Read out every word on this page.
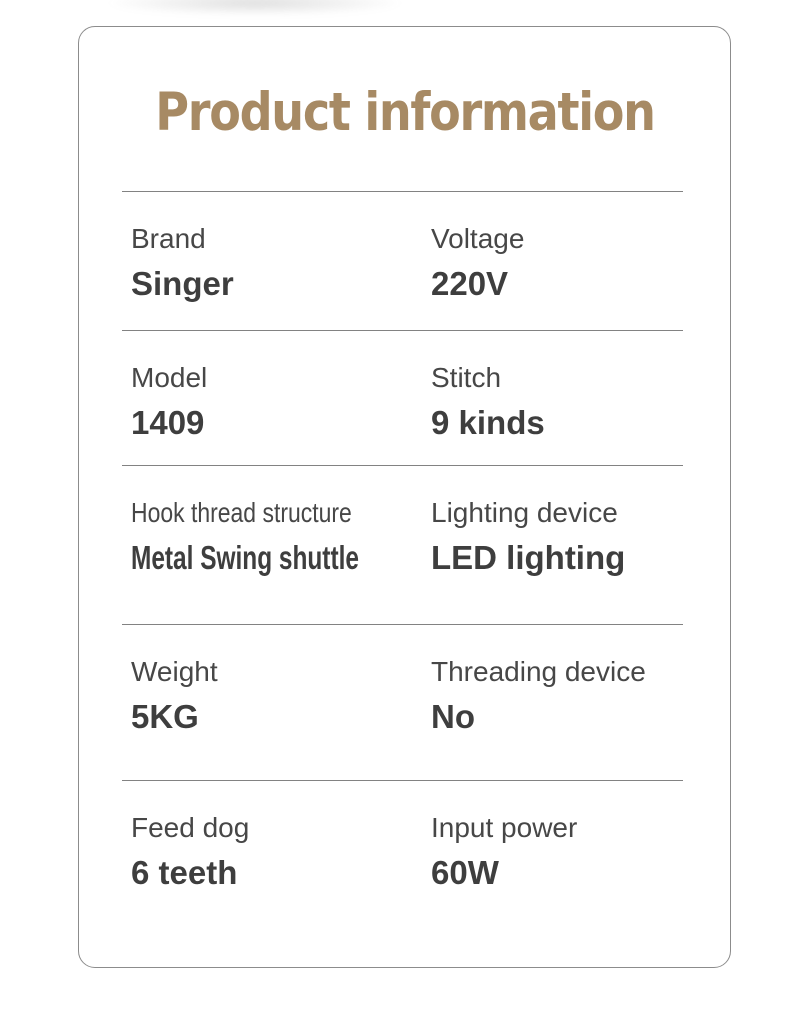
Product information
Brand
Singer
Voltage
220V
Model
1409
Stitch
9 kinds
Hook thread structure
Metal Swing shuttle
Lighting device
LED lighting
Weight
5KG
Threading device
No
Feed dog
6 teeth
Input power
60W
